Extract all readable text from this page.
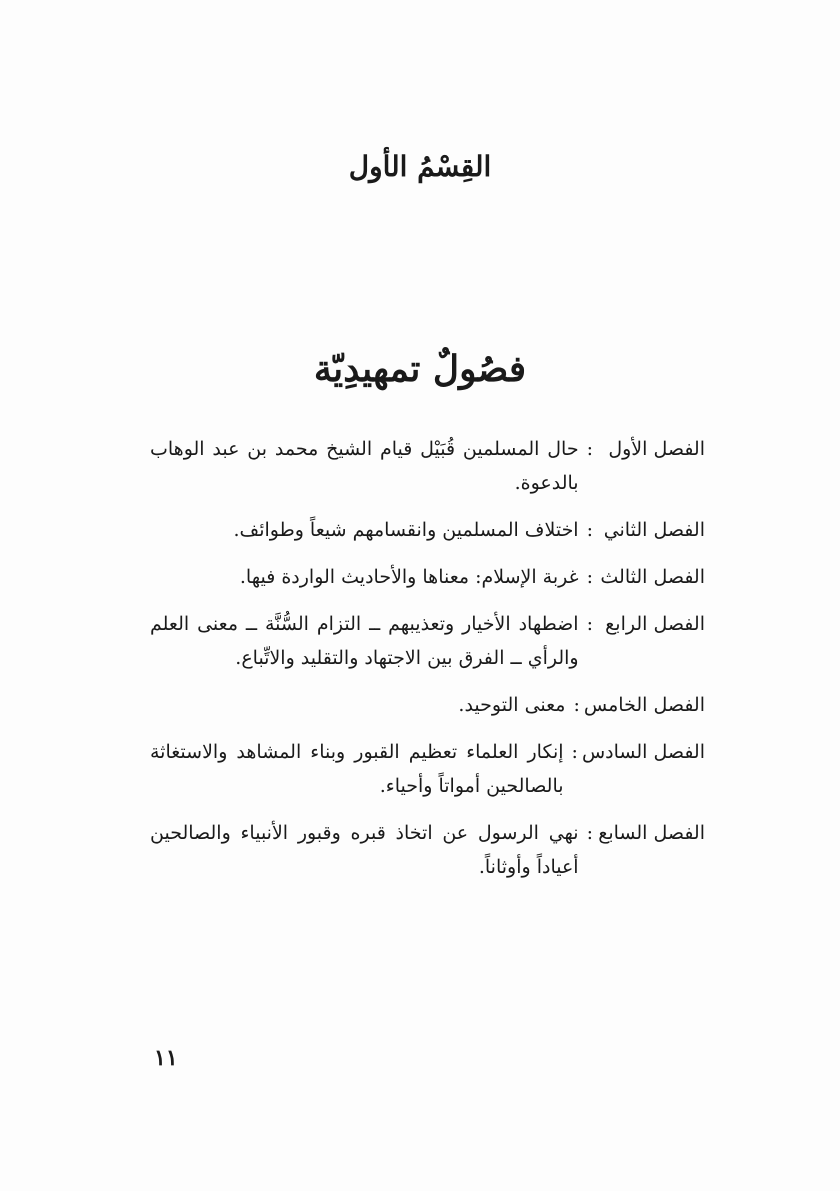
القِسْمُ الأول
فصُولٌ تمهيدِيّة
الفصل الأول
:
حال المسلمين قُبَيْل قيام الشيخ محمد بن عبد الوهاب بالدعوة.
الفصل الثاني
:
اختلاف المسلمين وانقسامهم شيعاً وطوائف.
الفصل الثالث
:
غربة الإسلام: معناها والأحاديث الواردة فيها.
الفصل الرابع
:
اضطهاد الأخيار وتعذيبهم ــ التزام السُّنَّة ــ معنى العلم والرأي ــ الفرق بين الاجتهاد والتقليد والاتِّباع.
الفصل الخامس
:
معنى التوحيد.
الفصل السادس
:
إنكار العلماء تعظيم القبور وبناء المشاهد والاستغاثة بالصالحين أمواتاً وأحياء.
الفصل السابع
:
نهي الرسول عن اتخاذ قبره وقبور الأنبياء والصالحين أعياداً وأوثاناً.
١١
